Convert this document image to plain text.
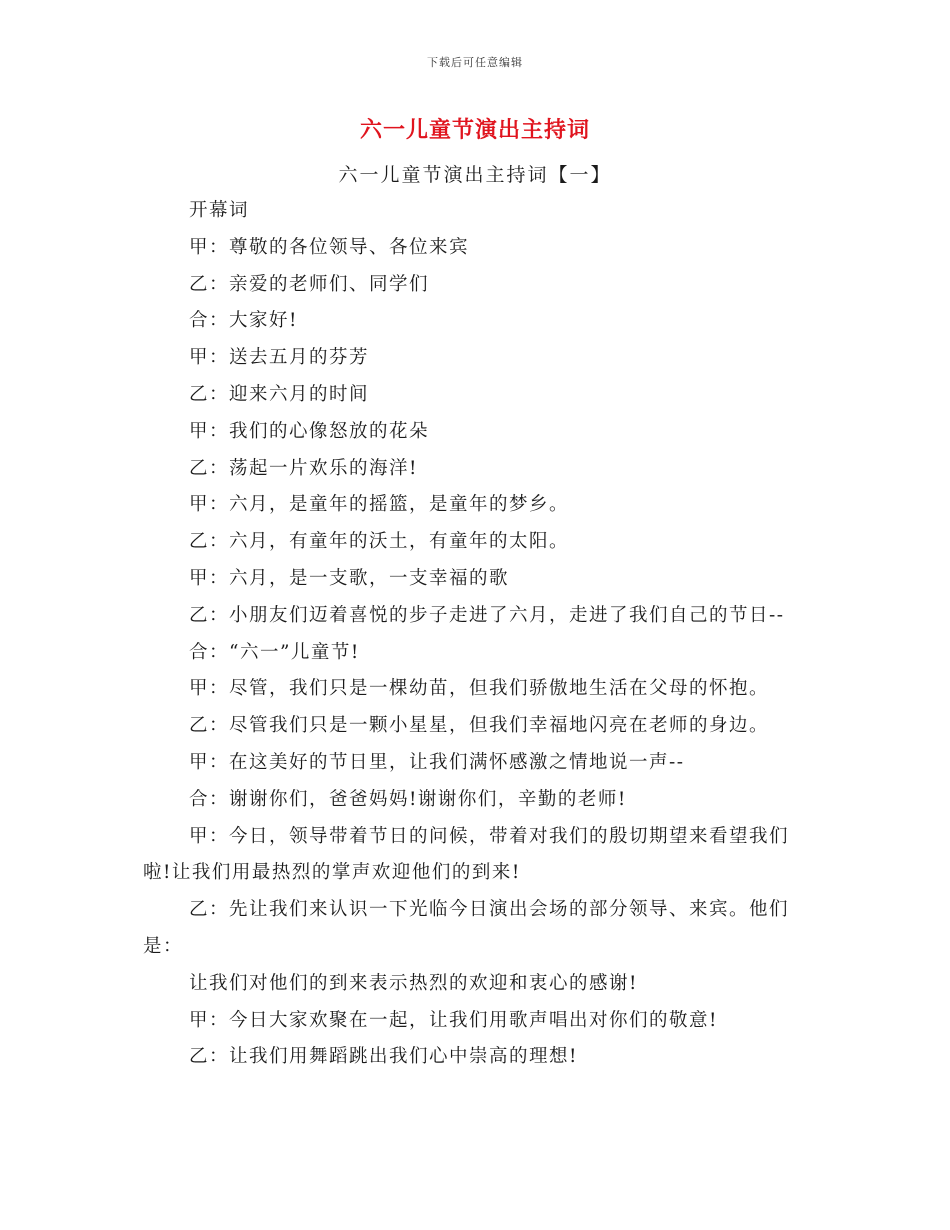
下载后可任意编辑
六一儿童节演出主持词
六一儿童节演出主持词【一】

开幕词

甲：尊敬的各位领导、各位来宾

乙：亲爱的老师们、同学们

合：大家好!

甲：送去五月的芬芳

乙：迎来六月的时间

甲：我们的心像怒放的花朵

乙：荡起一片欢乐的海洋!

甲：六月，是童年的摇篮，是童年的梦乡。

乙：六月，有童年的沃土，有童年的太阳。

甲：六月，是一支歌，一支幸福的歌

乙：小朋友们迈着喜悦的步子走进了六月，走进了我们自己的节日--

合：“六一”儿童节!

甲：尽管，我们只是一棵幼苗，但我们骄傲地生活在父母的怀抱。

乙：尽管我们只是一颗小星星，但我们幸福地闪亮在老师的身边。

甲：在这美好的节日里，让我们满怀感激之情地说一声--

合：谢谢你们，爸爸妈妈!谢谢你们，辛勤的老师!

甲：今日，领导带着节日的问候，带着对我们的殷切期望来看望我们啦!让我们用最热烈的掌声欢迎他们的到来!

乙：先让我们来认识一下光临今日演出会场的部分领导、来宾。他们是：

让我们对他们的到来表示热烈的欢迎和衷心的感谢!

甲：今日大家欢聚在一起，让我们用歌声唱出对你们的敬意!

乙：让我们用舞蹈跳出我们心中崇高的理想!
